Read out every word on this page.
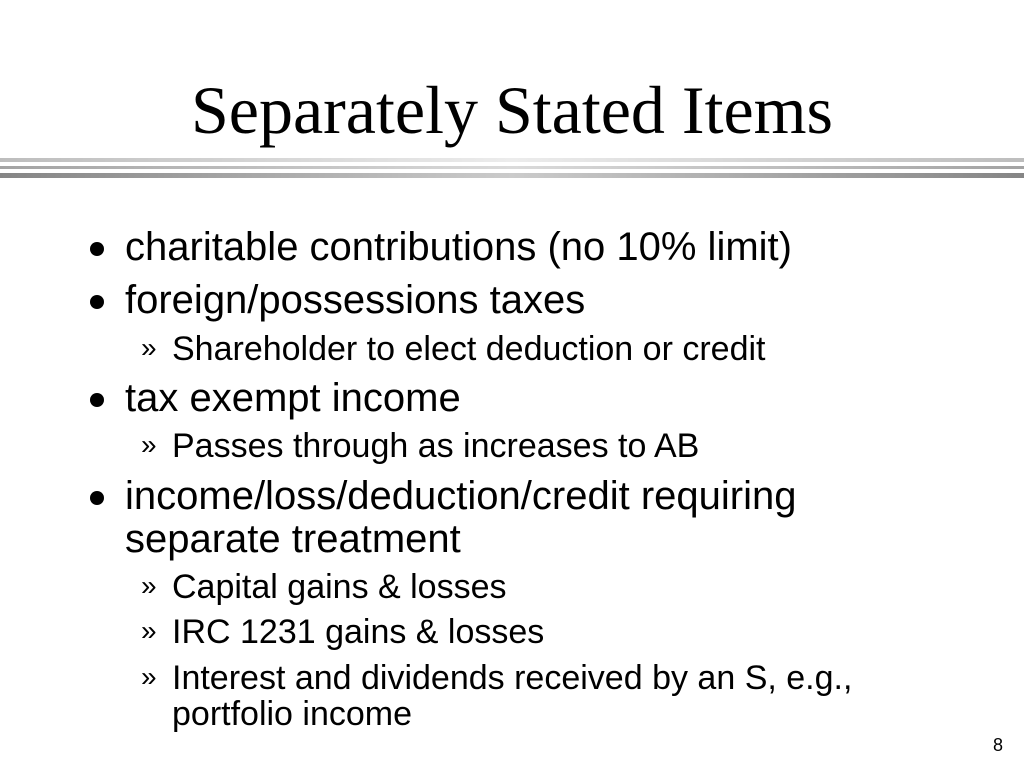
Separately Stated Items
charitable contributions (no 10% limit)
foreign/possessions taxes
» Shareholder to elect deduction or credit
tax exempt income
» Passes through as increases to AB
income/loss/deduction/credit requiring separate treatment
» Capital gains & losses
» IRC 1231 gains & losses
» Interest and dividends received by an S, e.g., portfolio income
8
